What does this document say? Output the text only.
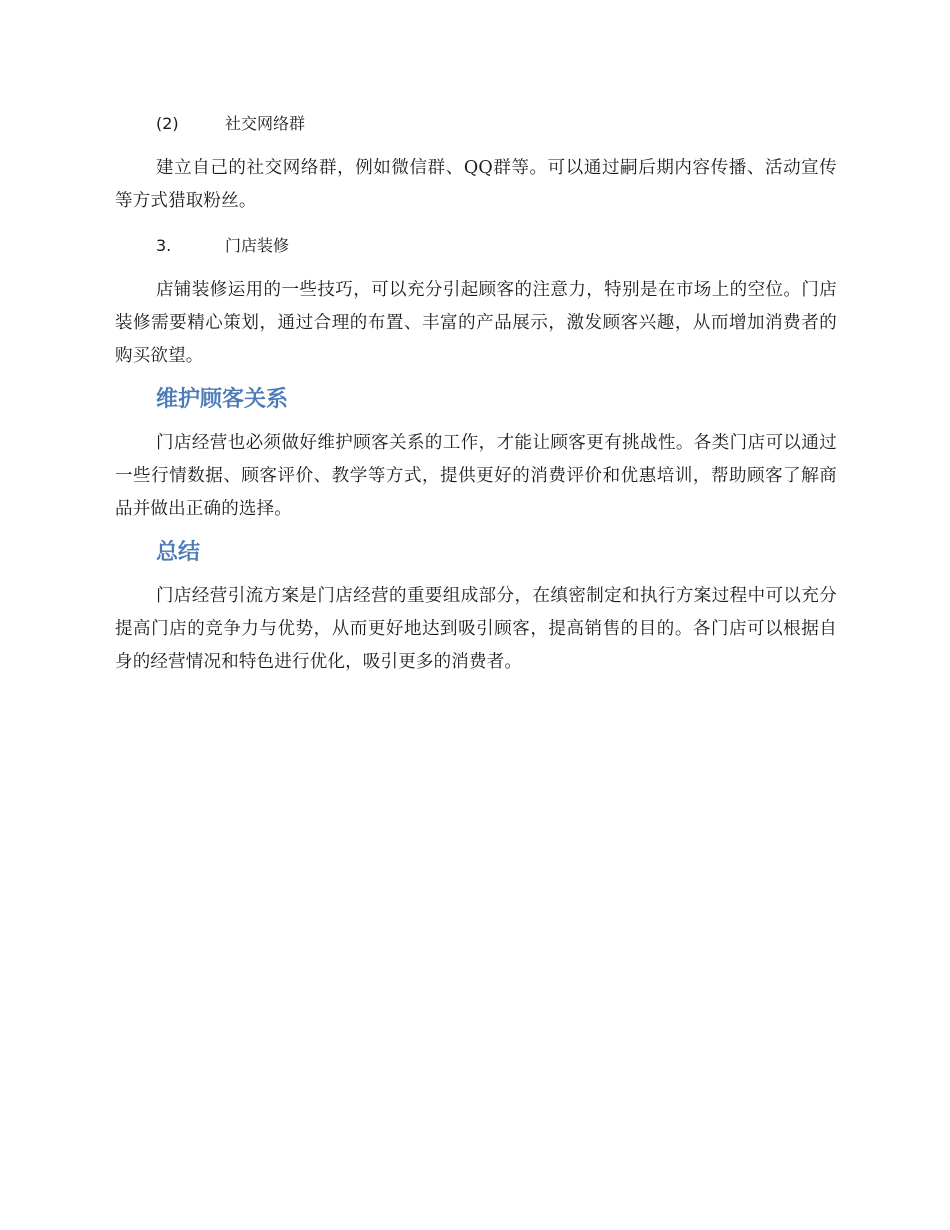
(2)	社交网络群

建立自己的社交网络群，例如微信群、QQ群等。可以通过嗣后期内容传播、活动宣传等方式猎取粉丝。

3.	门店装修

店铺装修运用的一些技巧，可以充分引起顾客的注意力，特别是在市场上的空位。门店装修需要精心策划，通过合理的布置、丰富的产品展示，激发顾客兴趣，从而增加消费者的购买欲望。

维护顾客关系

门店经营也必须做好维护顾客关系的工作，才能让顾客更有挑战性。各类门店可以通过一些行情数据、顾客评价、教学等方式，提供更好的消费评价和优惠培训，帮助顾客了解商品并做出正确的选择。

总结

门店经营引流方案是门店经营的重要组成部分，在缜密制定和执行方案过程中可以充分提高门店的竞争力与优势，从而更好地达到吸引顾客，提高销售的目的。各门店可以根据自身的经营情况和特色进行优化，吸引更多的消费者。
